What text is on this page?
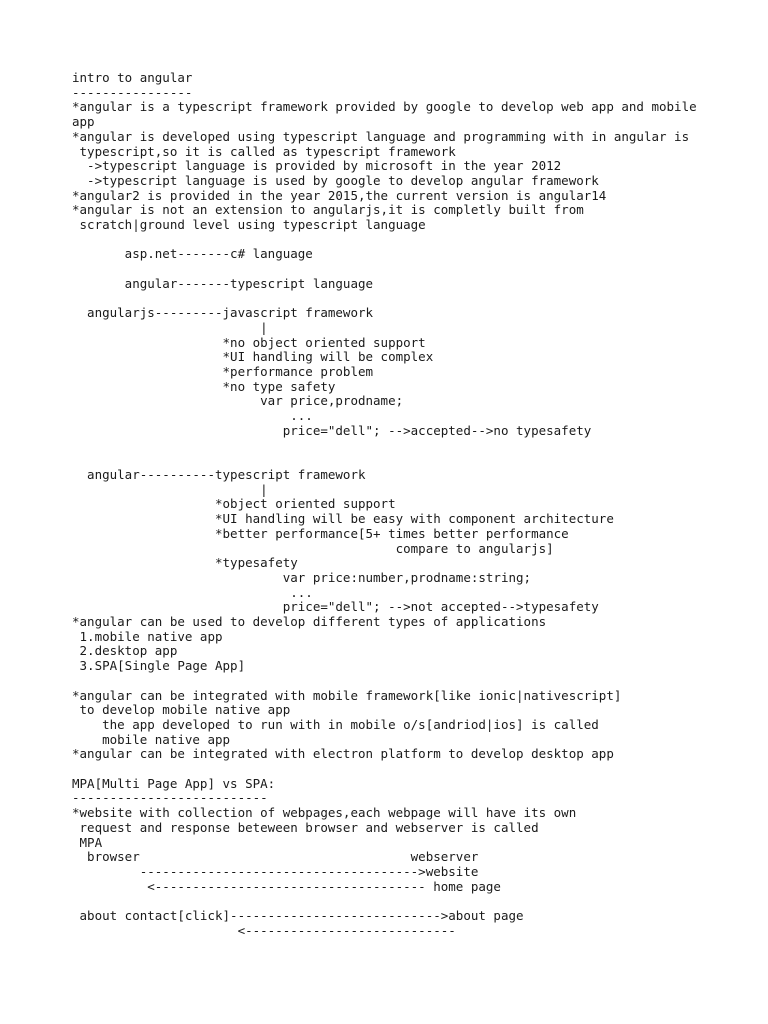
intro to angular
----------------
*angular is a typescript framework provided by google to develop web app and mobile
app
*angular is developed using typescript language and programming with in angular is
typescript,so it is called as typescript framework
->typescript language is provided by microsoft in the year 2012
->typescript language is used by google to develop angular framework
*angular2 is provided in the year 2015,the current version is angular14
*angular is not an extension to angularjs,it is completly built from
scratch|ground level using typescript language

asp.net-------c# language

angular-------typescript language

angularjs---------javascript framework
|
*no object oriented support
*UI handling will be complex
*performance problem
*no type safety
var price,prodname;
...
price="dell"; -->accepted-->no typesafety

angular----------typescript framework
|
*object oriented support
*UI handling will be easy with component architecture
*better performance[5+ times better performance
compare to angularjs]
*typesafety
var price:number,prodname:string;
...
price="dell"; -->not accepted-->typesafety
*angular can be used to develop different types of applications
1.mobile native app
2.desktop app
3.SPA[Single Page App]

*angular can be integrated with mobile framework[like ionic|nativescript]
to develop mobile native app
the app developed to run with in mobile o/s[andriod|ios] is called
mobile native app
*angular can be integrated with electron platform to develop desktop app

MPA[Multi Page App] vs SPA:
--------------------------
*website with collection of webpages,each webpage will have its own
request and response beteween browser and webserver is called
MPA
browser                                    webserver
------------------------------------->website
<------------------------------------ home page

about contact[click]---------------------------->about page
<----------------------------
